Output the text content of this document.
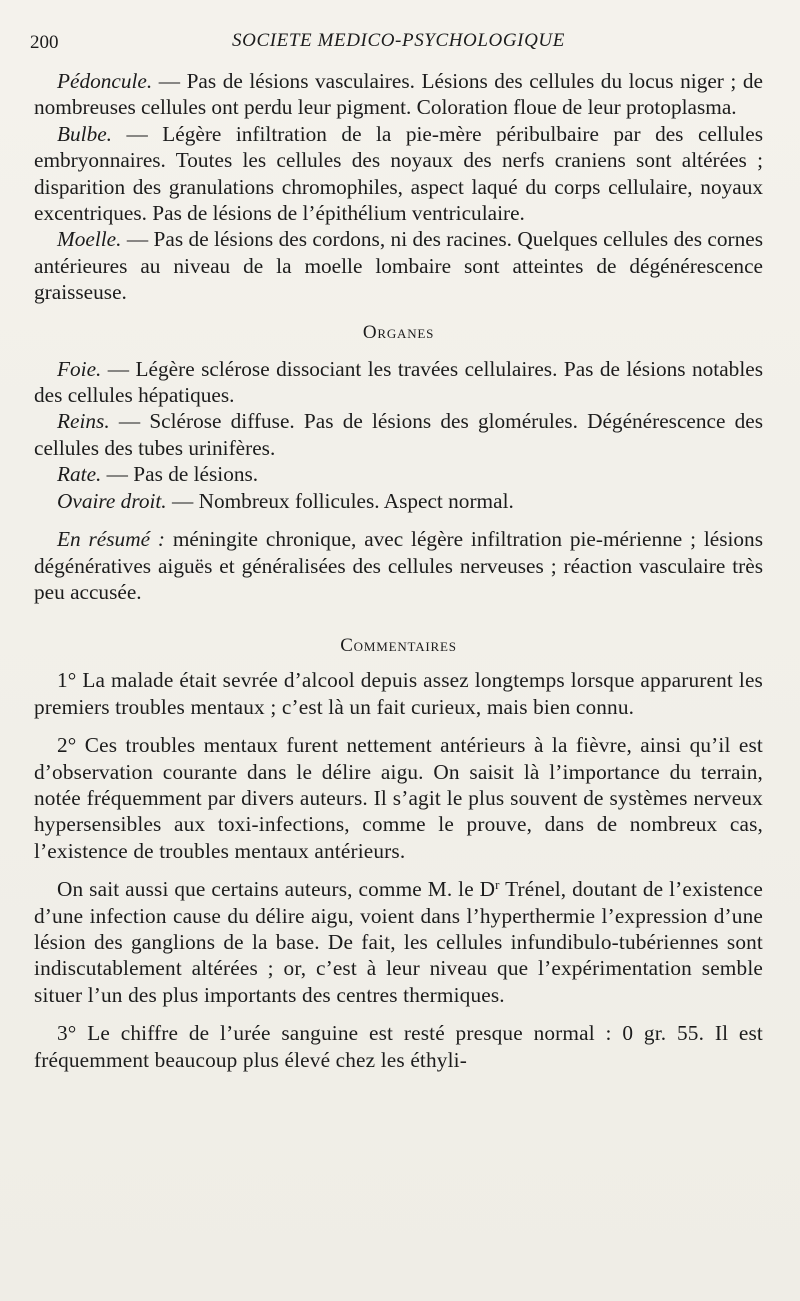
200	SOCIETE MEDICO-PSYCHOLOGIQUE

Pédoncule. — Pas de lésions vasculaires. Lésions des cellules du locus niger ; de nombreuses cellules ont perdu leur pigment. Coloration floue de leur protoplasma.

Bulbe. — Légère infiltration de la pie-mère péribulbaire par des cellules embryonnaires. Toutes les cellules des noyaux des nerfs craniens sont altérées ; disparition des granulations chromophiles, aspect laqué du corps cellulaire, noyaux excentriques. Pas de lésions de l’épithélium ventriculaire.

Moelle. — Pas de lésions des cordons, ni des racines. Quelques cellules des cornes antérieures au niveau de la moelle lombaire sont atteintes de dégénérescence graisseuse.

Organes

Foie. — Légère sclérose dissociant les travées cellulaires. Pas de lésions notables des cellules hépatiques.

Reins. — Sclérose diffuse. Pas de lésions des glomérules. Dégénérescence des cellules des tubes urinifères.

Rate. — Pas de lésions.

Ovaire droit. — Nombreux follicules. Aspect normal.

En résumé : méningite chronique, avec légère infiltration pie-mérienne ; lésions dégénératives aiguës et généralisées des cellules nerveuses ; réaction vasculaire très peu accusée.

Commentaires

1° La malade était sevrée d’alcool depuis assez longtemps lorsque apparurent les premiers troubles mentaux ; c’est là un fait curieux, mais bien connu.

2° Ces troubles mentaux furent nettement antérieurs à la fièvre, ainsi qu’il est d’observation courante dans le délire aigu. On saisit là l’importance du terrain, notée fréquemment par divers auteurs. Il s’agit le plus souvent de systèmes nerveux hypersensibles aux toxi-infections, comme le prouve, dans de nombreux cas, l’existence de troubles mentaux antérieurs.

On sait aussi que certains auteurs, comme M. le $D^r$ Trénel, doutant de l’existence d’une infection cause du délire aigu, voient dans l’hyperthermie l’expression d’une lésion des ganglions de la base. De fait, les cellules infundibulo-tubériennes sont indiscutablement altérées ; or, c’est à leur niveau que l’expérimentation semble situer l’un des plus importants des centres thermiques.

3° Le chiffre de l’urée sanguine est resté presque normal : 0 gr. 55. Il est fréquemment beaucoup plus élevé chez les éthyli-
